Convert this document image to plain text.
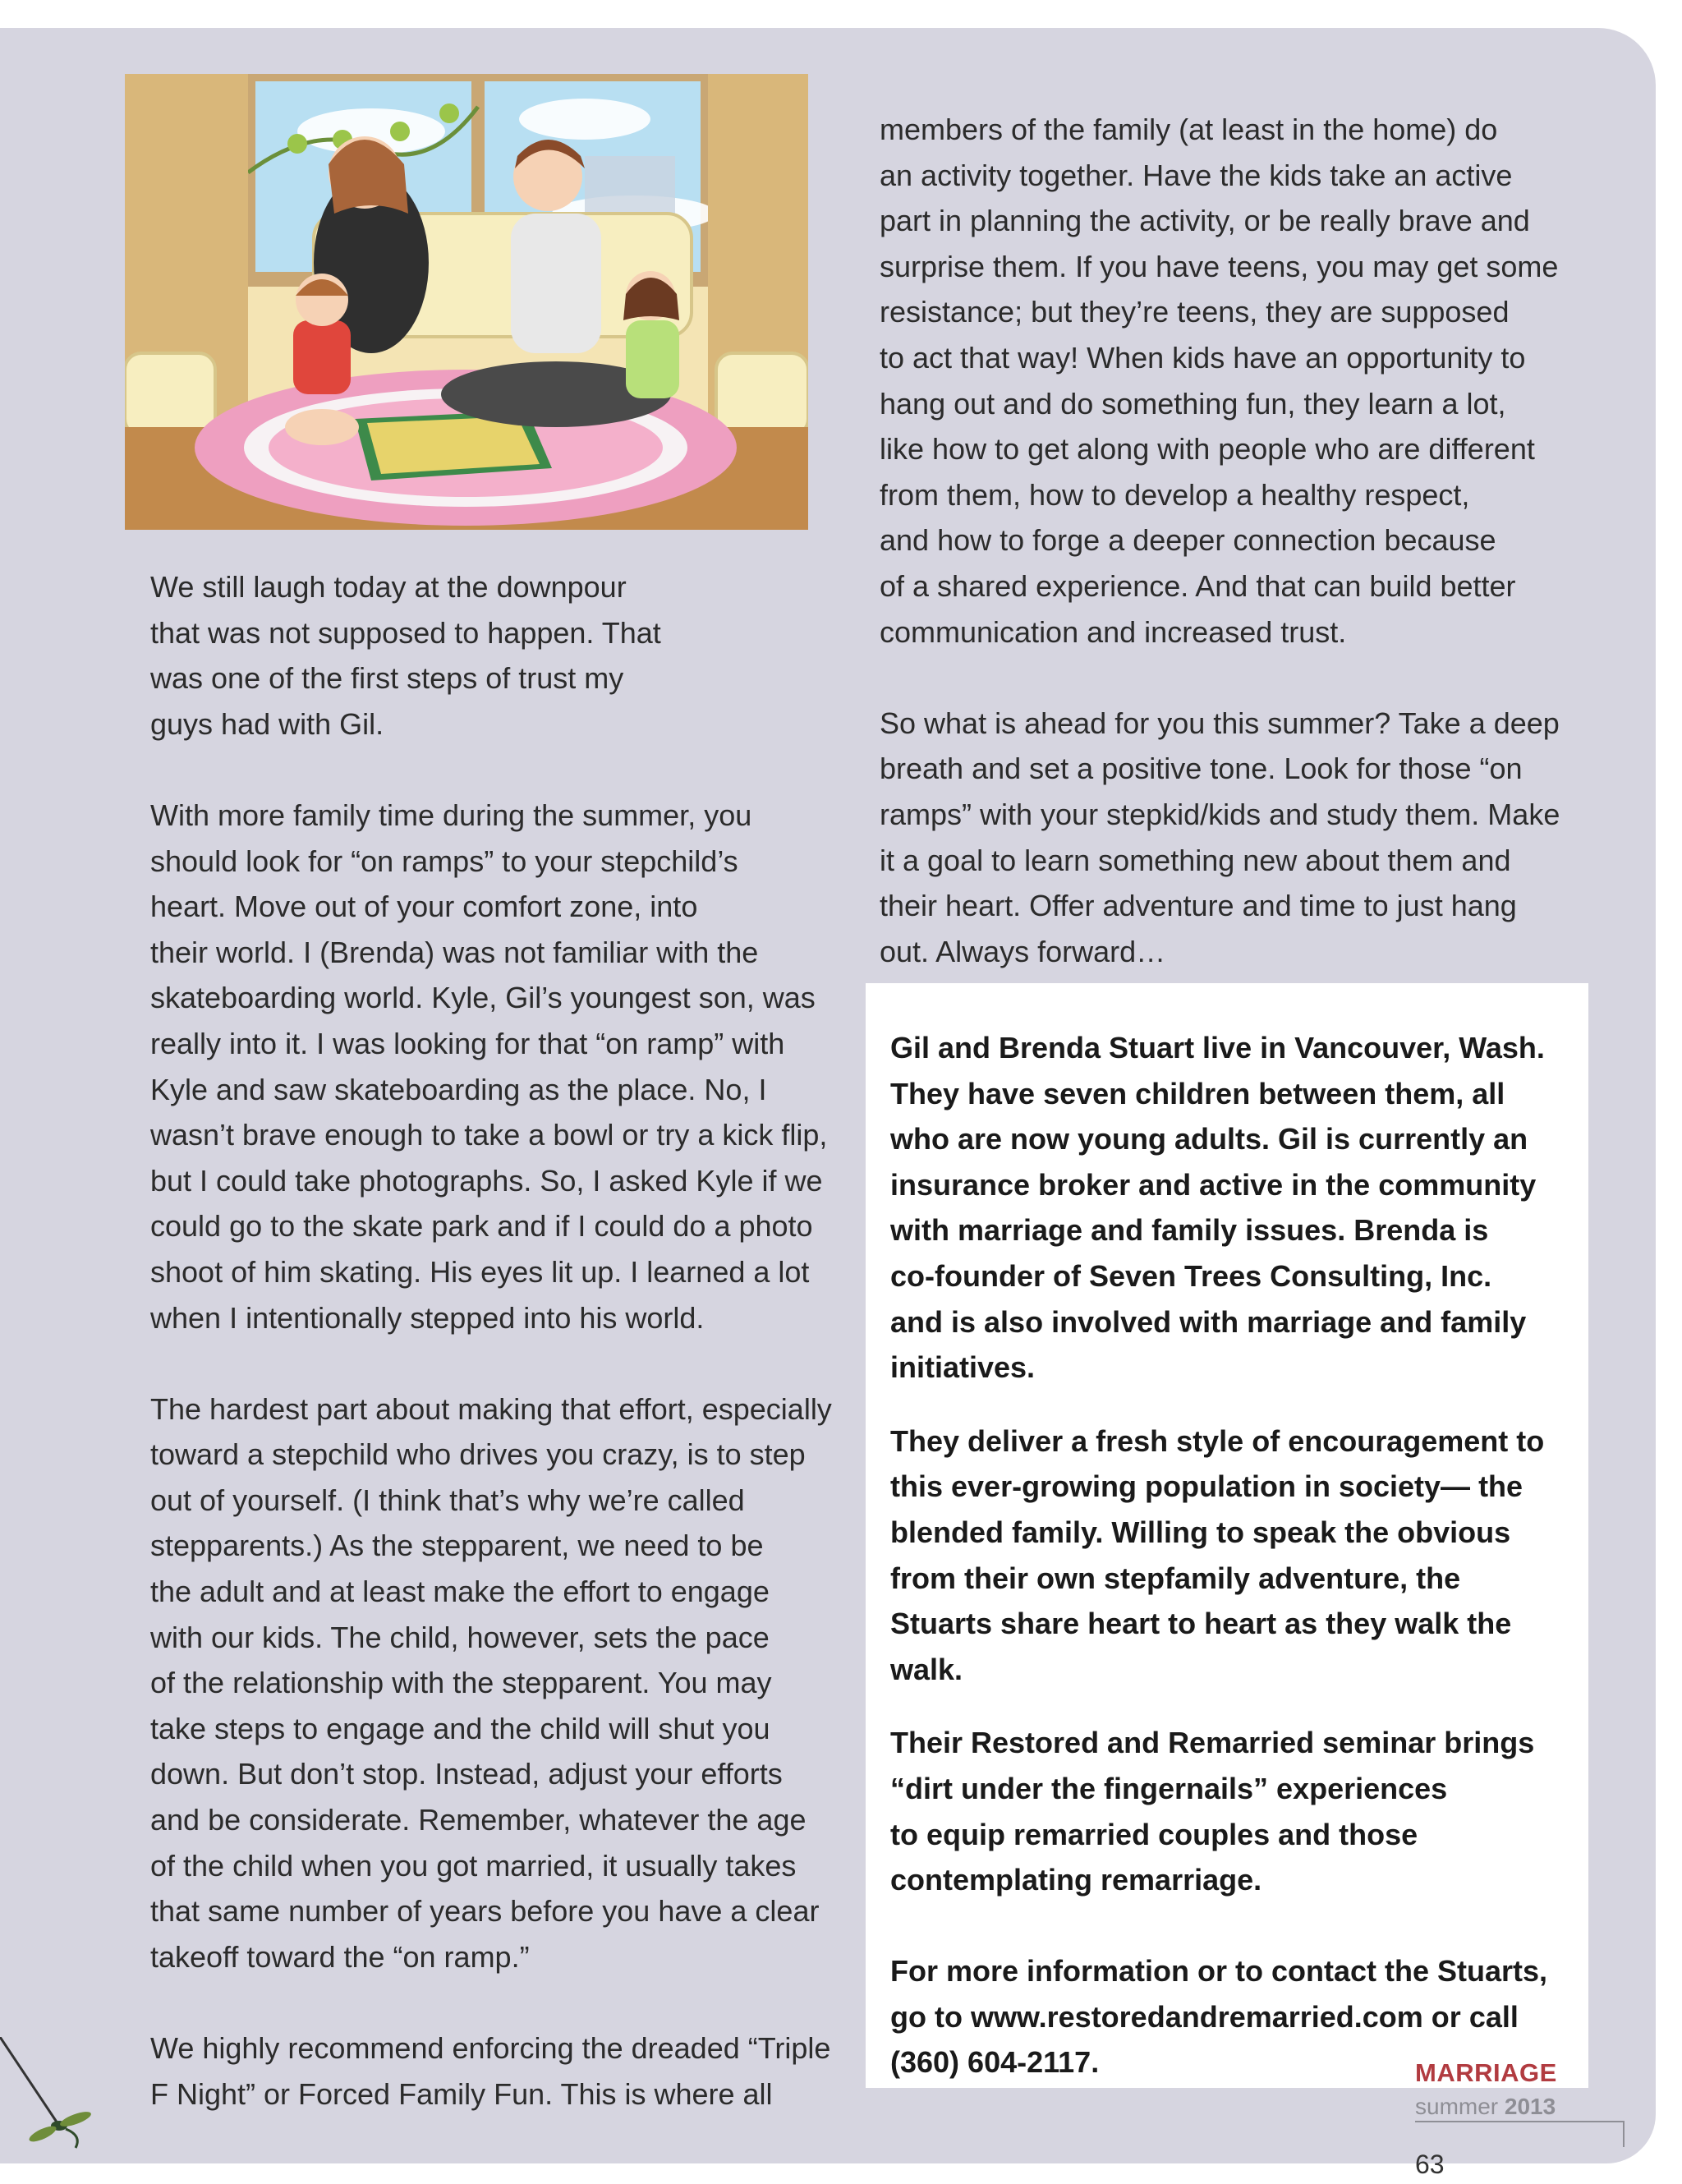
We still laugh today at the downpour

that was not supposed to happen. That

was one of the first steps of trust my

guys had with Gil.

With more family time during the summer, you

should look for “on ramps” to your stepchild’s

heart. Move out of your comfort zone, into

their world. I (Brenda) was not familiar with the

skateboarding world. Kyle, Gil’s youngest son, was

really into it. I was looking for that “on ramp” with

Kyle and saw skateboarding as the place. No, I

wasn’t brave enough to take a bowl or try a kick flip,

but I could take photographs. So, I asked Kyle if we

could go to the skate park and if I could do a photo

shoot of him skating. His eyes lit up. I learned a lot

when I intentionally stepped into his world.

The hardest part about making that effort, especially

toward a stepchild who drives you crazy, is to step

out of yourself. (I think that’s why we’re called

stepparents.) As the stepparent, we need to be

the adult and at least make the effort to engage

with our kids. The child, however, sets the pace

of the relationship with the stepparent. You may

take steps to engage and the child will shut you

down. But don’t stop. Instead, adjust your efforts

and be considerate. Remember, whatever the age

of the child when you got married, it usually takes

that same number of years before you have a clear

takeoff toward the “on ramp.”

We highly recommend enforcing the dreaded “Triple

F Night” or Forced Family Fun. This is where all

members of the family (at least in the home) do

an activity together. Have the kids take an active

part in planning the activity, or be really brave and

surprise them. If you have teens, you may get some

resistance; but they’re teens, they are supposed

to act that way! When kids have an opportunity to

hang out and do something fun, they learn a lot,

like how to get along with people who are different

from them, how to develop a healthy respect,

and how to forge a deeper connection because

of a shared experience. And that can build better

communication and increased trust.

So what is ahead for you this summer? Take a deep

breath and set a positive tone. Look for those “on

ramps” with your stepkid/kids and study them. Make

it a goal to learn something new about them and

their heart. Offer adventure and time to just hang

out. Always forward…

Gil and Brenda Stuart live in Vancouver, Wash.

They have seven children between them, all

who are now young adults. Gil is currently an

insurance broker and active in the community

with marriage and family issues. Brenda is

co-founder of Seven Trees Consulting, Inc.

and is also involved with marriage and family

initiatives.

They deliver a fresh style of encouragement to

this ever-growing population in society— the

blended family. Willing to speak the obvious

from their own stepfamily adventure, the

Stuarts share heart to heart as they walk the

walk.

Their Restored and Remarried seminar brings

“dirt under the fingernails” experiences

to equip remarried couples and those

contemplating remarriage.

For more information or to contact the Stuarts,

go to www.restoredandremarried.com or call

(360) 604-2117.	MARRIAGE
summer 2013
63
